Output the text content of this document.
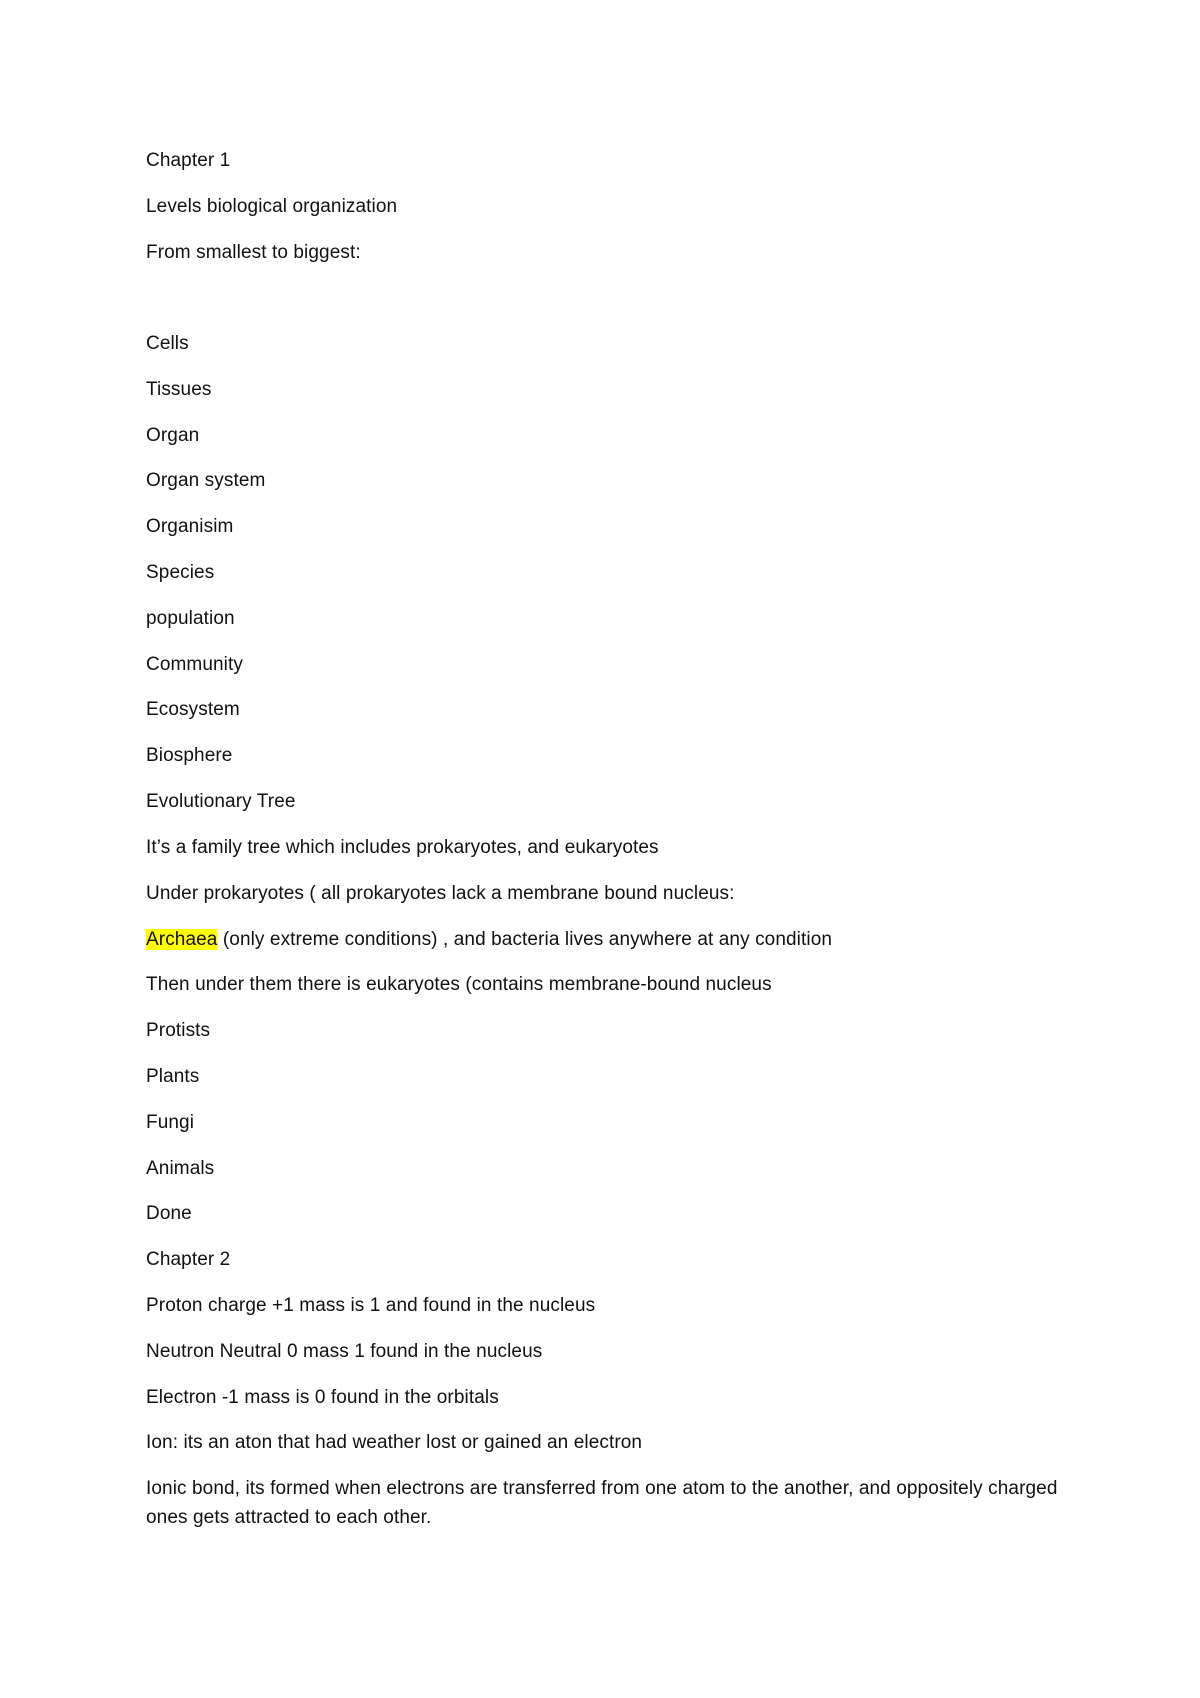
Chapter 1

Levels biological organization

From smallest to biggest:

Cells

Tissues

Organ

Organ system

Organisim

Species

population

Community

Ecosystem

Biosphere

Evolutionary Tree

It’s a family tree which includes prokaryotes, and eukaryotes

Under prokaryotes ( all prokaryotes lack a membrane bound nucleus:

Archaea (only extreme conditions) , and bacteria lives anywhere at any condition

Then under them there is eukaryotes (contains membrane-bound nucleus

Protists

Plants

Fungi

Animals

Done

Chapter 2

Proton charge +1 mass is 1 and found in the nucleus

Neutron Neutral 0 mass 1 found in the nucleus

Electron -1 mass is 0 found in the orbitals

Ion: its an aton that had weather lost or gained an electron

Ionic bond, its formed when electrons are transferred from one atom to the another, and oppositely charged ones gets attracted to each other.
